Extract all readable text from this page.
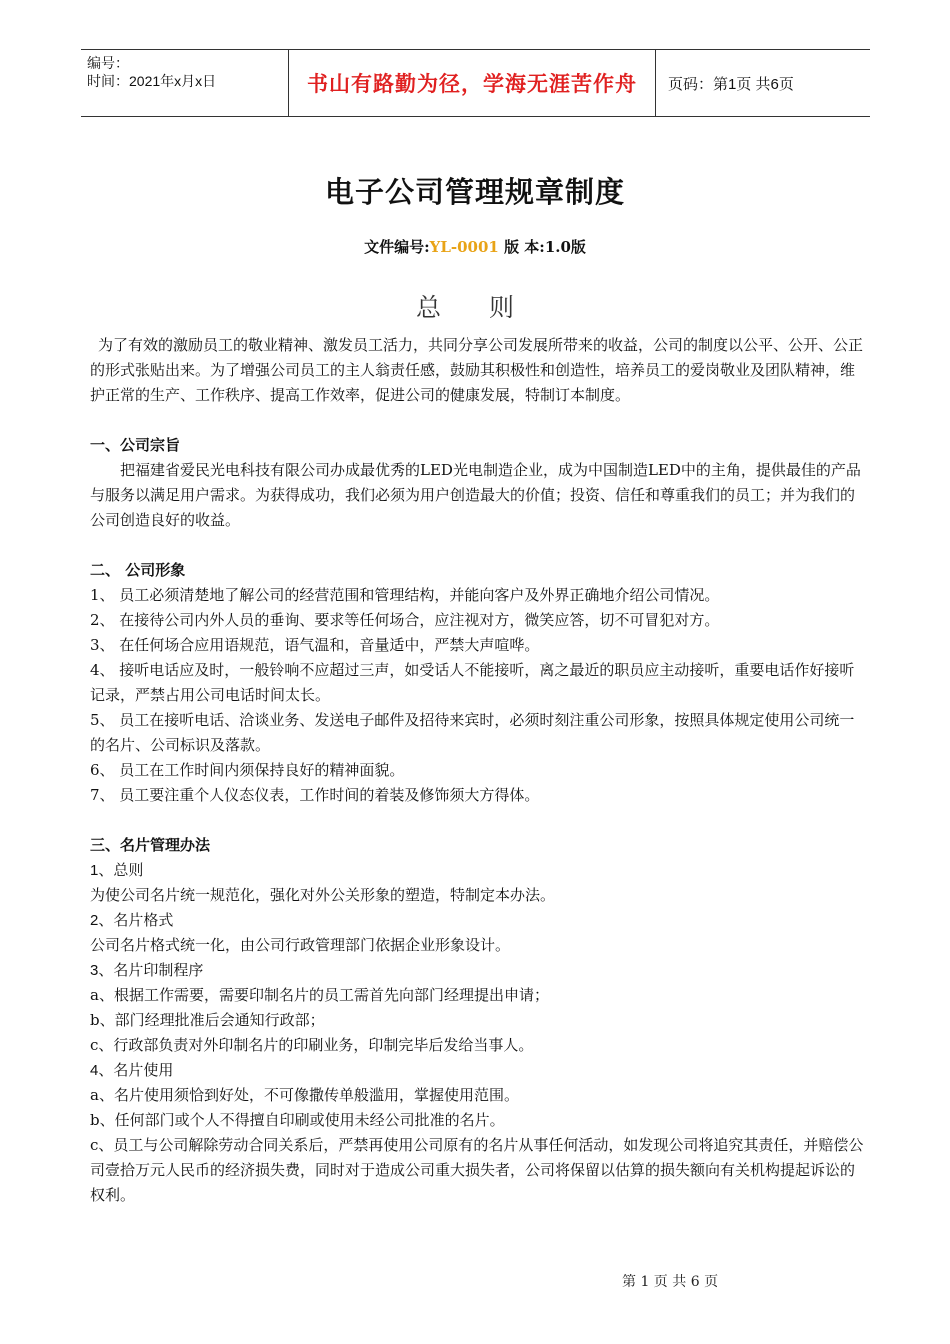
编号：
时间：2021年x月x日	书山有路勤为径，学海无涯苦作舟	页码：第1页 共6页
电子公司管理规章制度
文件编号:YL-0001 版 本:1.0版
总 则

为了有效的激励员工的敬业精神、激发员工活力，共同分享公司发展所带来的收益，公司的制度以公平、公开、公正的形式张贴出来。为了增强公司员工的主人翁责任感，鼓励其积极性和创造性，培养员工的爱岗敬业及团队精神，维护正常的生产、工作秩序、提高工作效率，促进公司的健康发展，特制订本制度。

一、公司宗旨

把福建省爱民光电科技有限公司办成最优秀的LED光电制造企业，成为中国制造LED中的主角，提供最佳的产品与服务以满足用户需求。为获得成功，我们必须为用户创造最大的价值；投资、信任和尊重我们的员工；并为我们的公司创造良好的收益。

二、 公司形象

1、 员工必须清楚地了解公司的经营范围和管理结构，并能向客户及外界正确地介绍公司情况。

2、 在接待公司内外人员的垂询、要求等任何场合，应注视对方，微笑应答，切不可冒犯对方。

3、 在任何场合应用语规范，语气温和，音量适中，严禁大声喧哗。

4、 接听电话应及时，一般铃响不应超过三声，如受话人不能接听，离之最近的职员应主动接听，重要电话作好接听记录，严禁占用公司电话时间太长。

5、 员工在接听电话、洽谈业务、发送电子邮件及招待来宾时，必须时刻注重公司形象，按照具体规定使用公司统一的名片、公司标识及落款。

6、 员工在工作时间内须保持良好的精神面貌。

7、 员工要注重个人仪态仪表，工作时间的着装及修饰须大方得体。

三、名片管理办法

1、总则

为使公司名片统一规范化，强化对外公关形象的塑造，特制定本办法。

2、名片格式

公司名片格式统一化，由公司行政管理部门依据企业形象设计。

3、名片印制程序

a、根据工作需要，需要印制名片的员工需首先向部门经理提出申请；

b、部门经理批准后会通知行政部；

c、行政部负责对外印制名片的印刷业务，印制完毕后发给当事人。

4、名片使用

a、名片使用须恰到好处，不可像撒传单般滥用，掌握使用范围。

b、任何部门或个人不得擅自印刷或使用未经公司批准的名片。

c、员工与公司解除劳动合同关系后，严禁再使用公司原有的名片从事任何活动，如发现公司将追究其责任，并赔偿公司壹拾万元人民币的经济损失费，同时对于造成公司重大损失者，公司将保留以估算的损失额向有关机构提起诉讼的权利。

第 1 页 共 6 页
